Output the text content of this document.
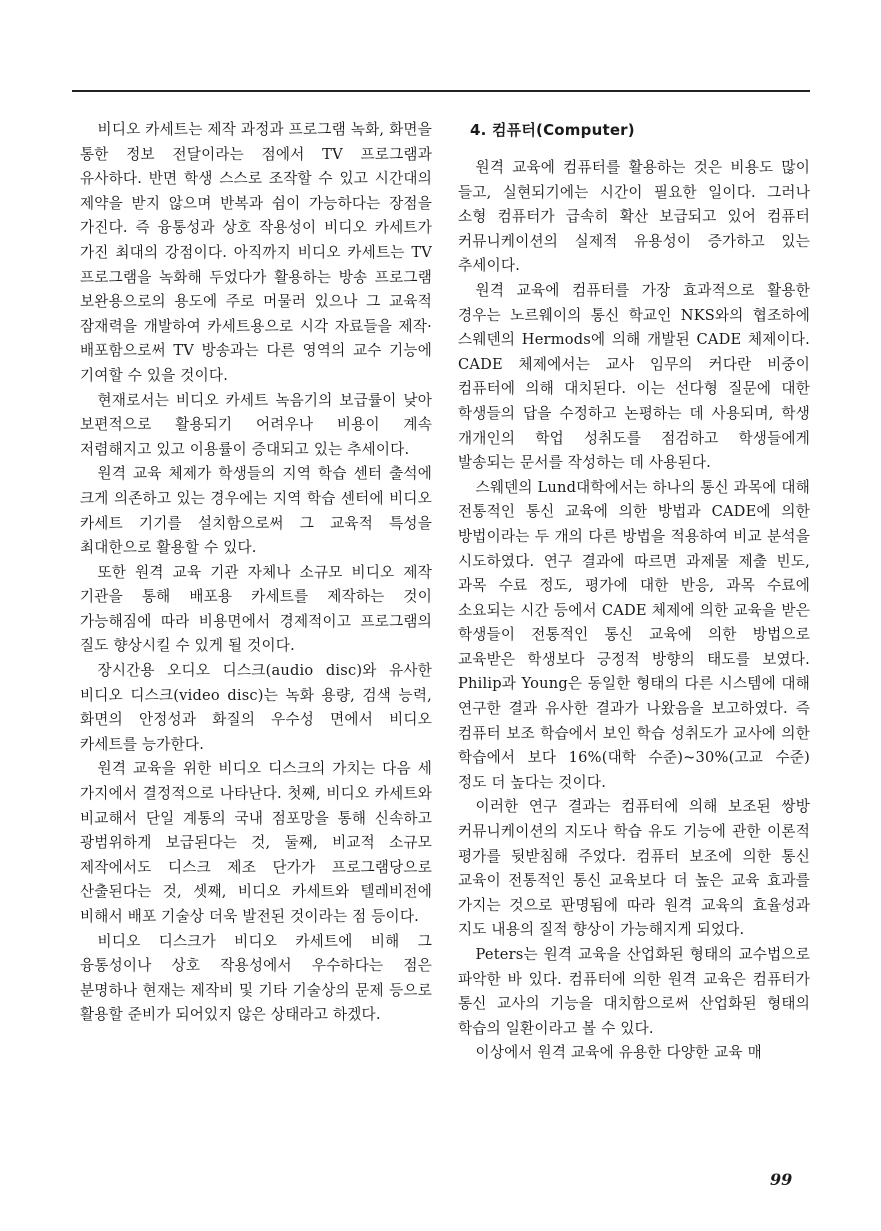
비디오 카세트는 제작 과정과 프로그램 녹화, 화면을 통한 정보 전달이라는 점에서 TV 프로그램과 유사하다. 반면 학생 스스로 조작할 수 있고 시간대의 제약을 받지 않으며 반복과 쉼이 가능하다는 장점을 가진다. 즉 융통성과 상호 작용성이 비디오 카세트가 가진 최대의 강점이다. 아직까지 비디오 카세트는 TV 프로그램을 녹화해 두었다가 활용하는 방송 프로그램 보완용으로의 용도에 주로 머물러 있으나 그 교육적 잠재력을 개발하여 카세트용으로 시각 자료들을 제작·배포함으로써 TV 방송과는 다른 영역의 교수 기능에 기여할 수 있을 것이다.

현재로서는 비디오 카세트 녹음기의 보급률이 낮아 보편적으로 활용되기 어려우나 비용이 계속 저렴해지고 있고 이용률이 증대되고 있는 추세이다.

원격 교육 체제가 학생들의 지역 학습 센터 출석에 크게 의존하고 있는 경우에는 지역 학습 센터에 비디오 카세트 기기를 설치함으로써 그 교육적 특성을 최대한으로 활용할 수 있다.

또한 원격 교육 기관 자체나 소규모 비디오 제작 기관을 통해 배포용 카세트를 제작하는 것이 가능해짐에 따라 비용면에서 경제적이고 프로그램의 질도 향상시킬 수 있게 될 것이다.

장시간용 오디오 디스크(audio disc)와 유사한 비디오 디스크(video disc)는 녹화 용량, 검색 능력, 화면의 안정성과 화질의 우수성 면에서 비디오 카세트를 능가한다.

원격 교육을 위한 비디오 디스크의 가치는 다음 세 가지에서 결정적으로 나타난다. 첫째, 비디오 카세트와 비교해서 단일 계통의 국내 점포망을 통해 신속하고 광범위하게 보급된다는 것, 둘째, 비교적 소규모 제작에서도 디스크 제조 단가가 프로그램당으로 산출된다는 것, 셋째, 비디오 카세트와 텔레비전에 비해서 배포 기술상 더욱 발전된 것이라는 점 등이다.

비디오 디스크가 비디오 카세트에 비해 그 융통성이나 상호 작용성에서 우수하다는 점은 분명하나 현재는 제작비 및 기타 기술상의 문제 등으로 활용할 준비가 되어있지 않은 상태라고 하겠다.

4. 컴퓨터(Computer)

원격 교육에 컴퓨터를 활용하는 것은 비용도 많이 들고, 실현되기에는 시간이 필요한 일이다. 그러나 소형 컴퓨터가 급속히 확산 보급되고 있어 컴퓨터 커뮤니케이션의 실제적 유용성이 증가하고 있는 추세이다.

원격 교육에 컴퓨터를 가장 효과적으로 활용한 경우는 노르웨이의 통신 학교인 NKS와의 협조하에 스웨덴의 Hermods에 의해 개발된 CADE 체제이다. CADE 체제에서는 교사 임무의 커다란 비중이 컴퓨터에 의해 대치된다. 이는 선다형 질문에 대한 학생들의 답을 수정하고 논평하는 데 사용되며, 학생 개개인의 학업 성취도를 점검하고 학생들에게 발송되는 문서를 작성하는 데 사용된다.

스웨덴의 Lund대학에서는 하나의 통신 과목에 대해 전통적인 통신 교육에 의한 방법과 CADE에 의한 방법이라는 두 개의 다른 방법을 적용하여 비교 분석을 시도하였다. 연구 결과에 따르면 과제물 제출 빈도, 과목 수료 정도, 평가에 대한 반응, 과목 수료에 소요되는 시간 등에서 CADE 체제에 의한 교육을 받은 학생들이 전통적인 통신 교육에 의한 방법으로 교육받은 학생보다 긍정적 방향의 태도를 보였다. Philip과 Young은 동일한 형태의 다른 시스템에 대해 연구한 결과 유사한 결과가 나왔음을 보고하였다. 즉 컴퓨터 보조 학습에서 보인 학습 성취도가 교사에 의한 학습에서 보다 16%(대학 수준)~30%(고교 수준) 정도 더 높다는 것이다.

이러한 연구 결과는 컴퓨터에 의해 보조된 쌍방 커뮤니케이션의 지도나 학습 유도 기능에 관한 이론적 평가를 뒷받침해 주었다. 컴퓨터 보조에 의한 통신 교육이 전통적인 통신 교육보다 더 높은 교육 효과를 가지는 것으로 판명됨에 따라 원격 교육의 효율성과 지도 내용의 질적 향상이 가능해지게 되었다.

Peters는 원격 교육을 산업화된 형태의 교수법으로 파악한 바 있다. 컴퓨터에 의한 원격 교육은 컴퓨터가 통신 교사의 기능을 대치함으로써 산업화된 형태의 학습의 일환이라고 볼 수 있다.

이상에서 원격 교육에 유용한 다양한 교육 매

99
